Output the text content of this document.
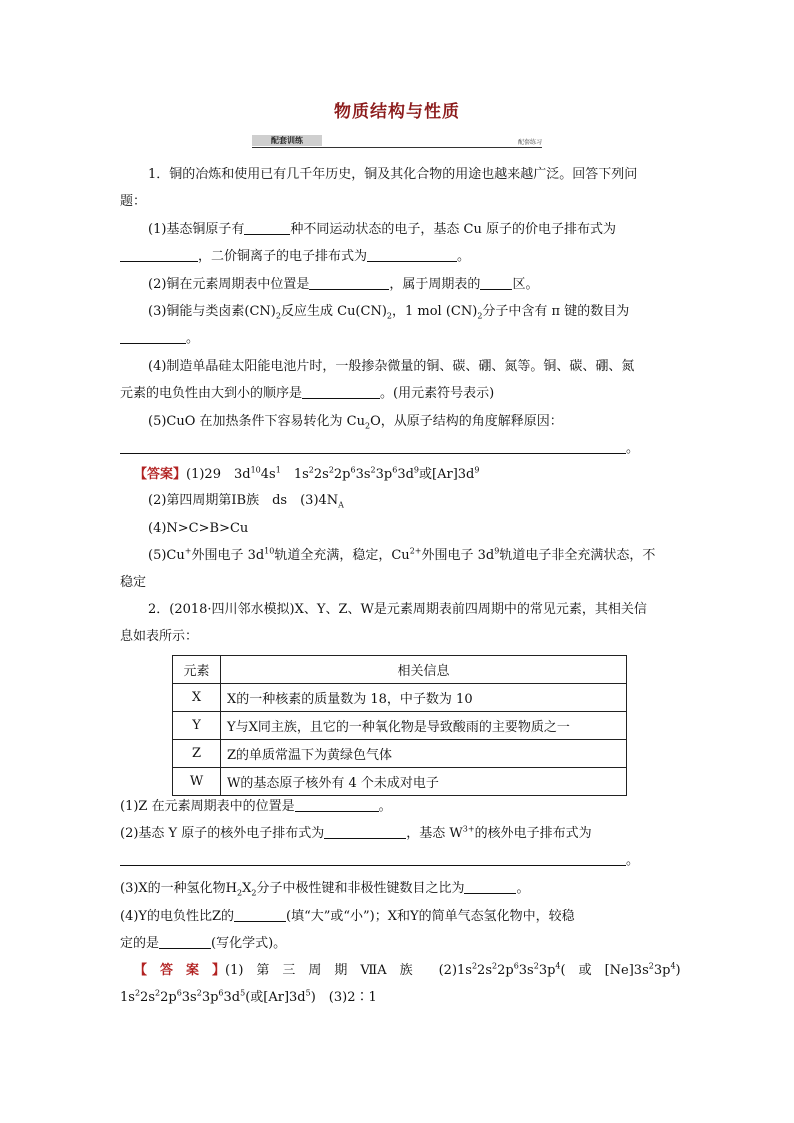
物质结构与性质
配套训练	配套练习
1．铜的冶炼和使用已有几千年历史，铜及其化合物的用途也越来越广泛。回答下列问
题：
(1)基态铜原子有	种不同运动状态的电子，基态 Cu 原子的价电子排布式为
，二价铜离子的电子排布式为	。
(2)铜在元素周期表中位置是	，属于周期表的 区。
(3)铜能与类卤素$(CN)_2$反应生成 $Cu(CN)_2$，1 mol $(CN)_2$分子中含有 π 键的数目为
。
(4)制造单晶硅太阳能电池片时，一般掺杂微量的铜、碳、硼、氮等。铜、碳、硼、氮
元素的电负性由大到小的顺序是	。(用元素符号表示)
(5)CuO 在加热条件下容易转化为 $Cu_2O$，从原子结构的角度解释原因：
。
【答案】(1)29　$3d^{10}4s^1$　$1s^22s^22p^63s^23p^63d^9$或$[Ar]3d^9$
(2)第四周期第ⅠB族　ds　$(3)4N_A$
(4)N>C>B>Cu
(5)Cu+外围电子 $3d^{10}$轨道全充满，稳定，$Cu^{2+}$外围电子 $3d^9$轨道电子非全充满状态，不
稳定
2．(2018·四川邻水模拟)X、Y、Z、W是元素周期表前四周期中的常见元素，其相关信
息如表所示：
元素	相关信息
X	X的一种核素的质量数为 18，中子数为 10
Y	Y与X同主族，且它的一种氧化物是导致酸雨的主要物质之一
Z	Z的单质常温下为黄绿色气体
W	W的基态原子核外有 4 个未成对电子
(1)Z 在元素周期表中的位置是	。
(2)基态 Y 原子的核外电子排布式为	，基态 $W^{3+}$的核外电子排布式为
。
(3)X的一种氢化物$H_2X_2$分子中极性键和非极性键数目之比为	。
(4)Y的电负性比Z的	(填“大”或“小”)；X和Y的简单气态氢化物中，较稳
定的是	(写化学式)。
【　答　案　】(1)　第　三　周　期　ⅦA　族　　$(2)1s^22s^22p^63s^23p^4$(　或　$[Ne]3s^23p^4$)
$1s^22s^22p^63s^23p^63d^5$(或$[Ar]3d^5$)　(3)2∶1
